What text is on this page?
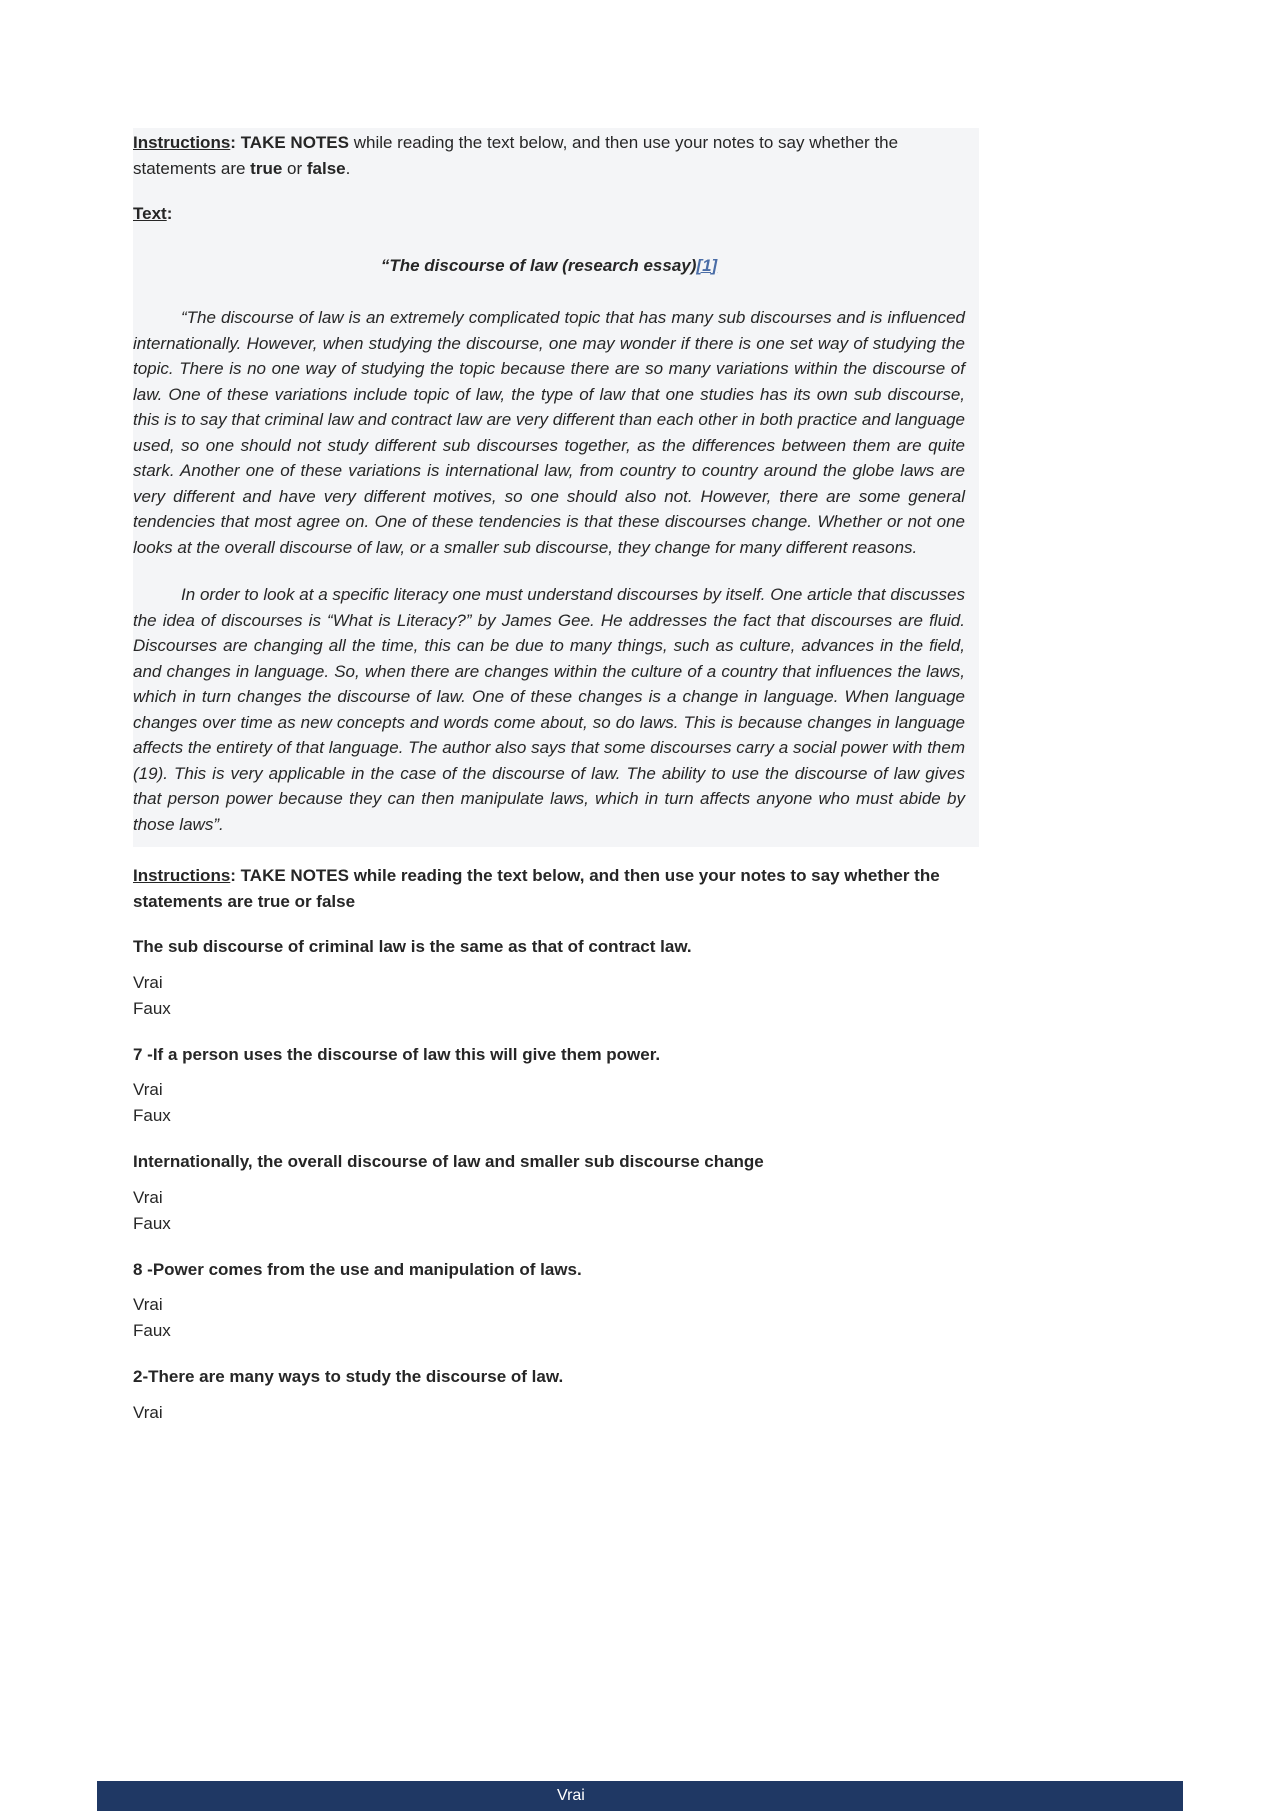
Instructions: TAKE NOTES while reading the text below, and then use your notes to say whether the statements are true or false.

Text:

“The discourse of law (research essay)[1]

“The discourse of law is an extremely complicated topic that has many sub discourses and is influenced internationally. However, when studying the discourse, one may wonder if there is one set way of studying the topic. There is no one way of studying the topic because there are so many variations within the discourse of law. One of these variations include topic of law, the type of law that one studies has its own sub discourse, this is to say that criminal law and contract law are very different than each other in both practice and language used, so one should not study different sub discourses together, as the differences between them are quite stark. Another one of these variations is international law, from country to country around the globe laws are very different and have very different motives, so one should also not. However, there are some general tendencies that most agree on. One of these tendencies is that these discourses change. Whether or not one looks at the overall discourse of law, or a smaller sub discourse, they change for many different reasons.

In order to look at a specific literacy one must understand discourses by itself. One article that discusses the idea of discourses is “What is Literacy?” by James Gee. He addresses the fact that discourses are fluid. Discourses are changing all the time, this can be due to many things, such as culture, advances in the field, and changes in language. So, when there are changes within the culture of a country that influences the laws, which in turn changes the discourse of law. One of these changes is a change in language. When language changes over time as new concepts and words come about, so do laws. This is because changes in language affects the entirety of that language. The author also says that some discourses carry a social power with them (19). This is very applicable in the case of the discourse of law. The ability to use the discourse of law gives that person power because they can then manipulate laws, which in turn affects anyone who must abide by those laws”.

Instructions: TAKE NOTES while reading the text below, and then use your notes to say whether the statements are true or false

The sub discourse of criminal law is the same as that of contract law.

Vrai
Faux

7 -If a person uses the discourse of law this will give them power.

Vrai
Faux

Internationally, the overall discourse of law and smaller sub discourse change

Vrai
Faux

8 -Power comes from the use and manipulation of laws.

Vrai
Faux

2-There are many ways to study the discourse of law.

Vrai
Vrai
